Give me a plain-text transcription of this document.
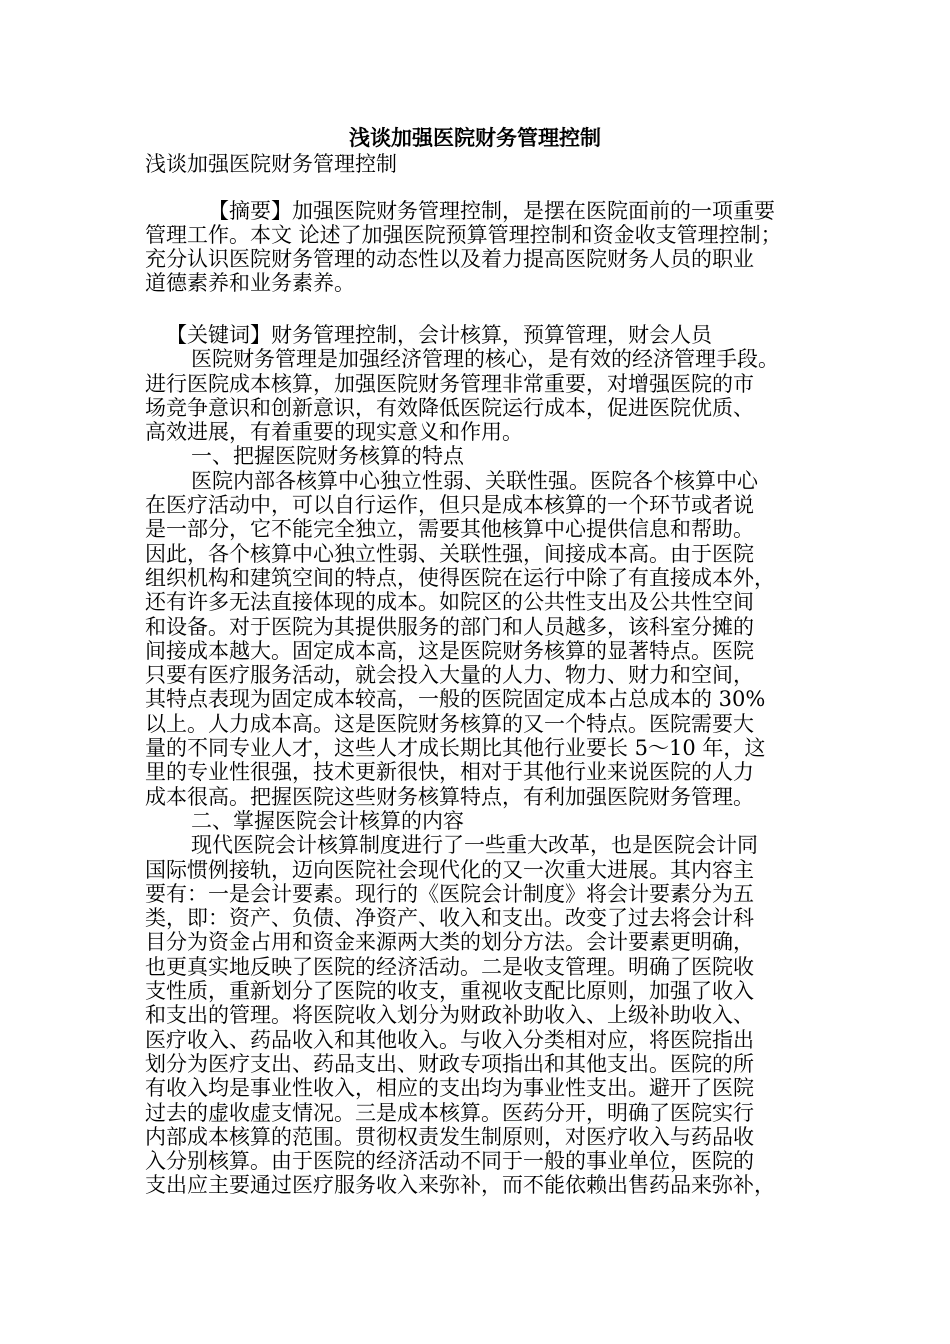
浅谈加强医院财务管理控制
浅谈加强医院财务管理控制

【摘要】加强医院财务管理控制，是摆在医院面前的一项重要

管理工作。本文 论述了加强医院预算管理控制和资金收支管理控制；

充分认识医院财务管理的动态性以及着力提高医院财务人员的职业

道德素养和业务素养。

【关键词】财务管理控制，会计核算，预算管理，财会人员

医院财务管理是加强经济管理的核心，是有效的经济管理手段。

进行医院成本核算，加强医院财务管理非常重要，对增强医院的市

场竞争意识和创新意识，有效降低医院运行成本，促进医院优质、

高效进展，有着重要的现实意义和作用。

一、把握医院财务核算的特点

医院内部各核算中心独立性弱、关联性强。医院各个核算中心

在医疗活动中，可以自行运作，但只是成本核算的一个环节或者说

是一部分，它不能完全独立，需要其他核算中心提供信息和帮助。

因此，各个核算中心独立性弱、关联性强，间接成本高。由于医院

组织机构和建筑空间的特点，使得医院在运行中除了有直接成本外，

还有许多无法直接体现的成本。如院区的公共性支出及公共性空间

和设备。对于医院为其提供服务的部门和人员越多，该科室分摊的

间接成本越大。固定成本高，这是医院财务核算的显著特点。医院

只要有医疗服务活动，就会投入大量的人力、物力、财力和空间，

其特点表现为固定成本较高，一般的医院固定成本占总成本的 30%

以上。人力成本高。这是医院财务核算的又一个特点。医院需要大

量的不同专业人才，这些人才成长期比其他行业要长 5～10 年，这

里的专业性很强，技术更新很快，相对于其他行业来说医院的人力

成本很高。把握医院这些财务核算特点，有利加强医院财务管理。

二、掌握医院会计核算的内容

现代医院会计核算制度进行了一些重大改革，也是医院会计同

国际惯例接轨，迈向医院社会现代化的又一次重大进展。其内容主

要有：一是会计要素。现行的《医院会计制度》将会计要素分为五

类，即：资产、负债、净资产、收入和支出。改变了过去将会计科

目分为资金占用和资金来源两大类的划分方法。会计要素更明确，

也更真实地反映了医院的经济活动。二是收支管理。明确了医院收

支性质，重新划分了医院的收支，重视收支配比原则，加强了收入

和支出的管理。将医院收入划分为财政补助收入、上级补助收入、

医疗收入、药品收入和其他收入。与收入分类相对应，将医院指出

划分为医疗支出、药品支出、财政专项指出和其他支出。医院的所

有收入均是事业性收入，相应的支出均为事业性支出。避开了医院

过去的虚收虚支情况。三是成本核算。医药分开，明确了医院实行

内部成本核算的范围。贯彻权责发生制原则，对医疗收入与药品收

入分别核算。由于医院的经济活动不同于一般的事业单位，医院的

支出应主要通过医疗服务收入来弥补，而不能依赖出售药品来弥补，
